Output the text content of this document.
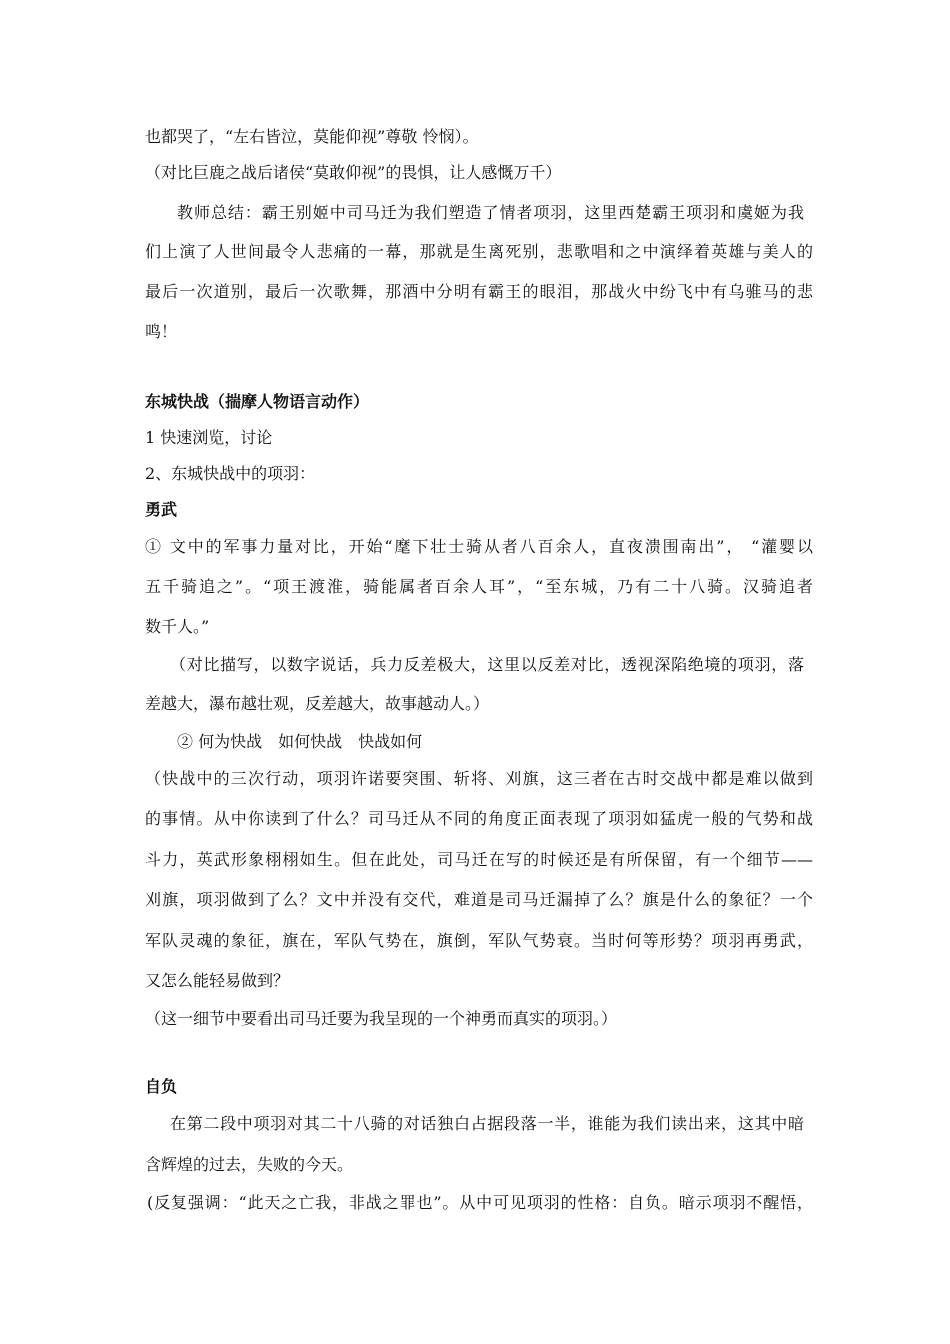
也都哭了，“左右皆泣，莫能仰视”尊敬 怜悯）。
（对比巨鹿之战后诸侯“莫敢仰视”的畏惧，让人感慨万千）
教师总结：霸王别姬中司马迁为我们塑造了情者项羽，这里西楚霸王项羽和虞姬为我
们上演了人世间最令人悲痛的一幕，那就是生离死别，悲歌唱和之中演绎着英雄与美人的
最后一次道别，最后一次歌舞，那酒中分明有霸王的眼泪，那战火中纷飞中有乌骓马的悲
鸣！
东城快战（揣摩人物语言动作）
1 快速浏览，讨论
2、东城快战中的项羽：
勇武
① 文中的军事力量对比，开始“麾下壮士骑从者八百余人，直夜溃围南出”， “灌婴以
五千骑追之”。“项王渡淮，骑能属者百余人耳”，“至东城，乃有二十八骑。汉骑追者
数千人。”
（对比描写，以数字说话，兵力反差极大，这里以反差对比，透视深陷绝境的项羽，落
差越大，瀑布越壮观，反差越大，故事越动人。）
② 何为快战　如何快战　快战如何
（快战中的三次行动，项羽许诺要突围、斩将、刈旗，这三者在古时交战中都是难以做到
的事情。从中你读到了什么？司马迁从不同的角度正面表现了项羽如猛虎一般的气势和战
斗力，英武形象栩栩如生。但在此处，司马迁在写的时候还是有所保留，有一个细节——
刈旗，项羽做到了么？文中并没有交代，难道是司马迁漏掉了么？旗是什么的象征？一个
军队灵魂的象征，旗在，军队气势在，旗倒，军队气势衰。当时何等形势？项羽再勇武，
又怎么能轻易做到？
（这一细节中要看出司马迁要为我呈现的一个神勇而真实的项羽。）
自负
在第二段中项羽对其二十八骑的对话独白占据段落一半，谁能为我们读出来，这其中暗
含辉煌的过去，失败的今天。
(反复强调：“此天之亡我，非战之罪也”。从中可见项羽的性格：自负。暗示项羽不醒悟，
